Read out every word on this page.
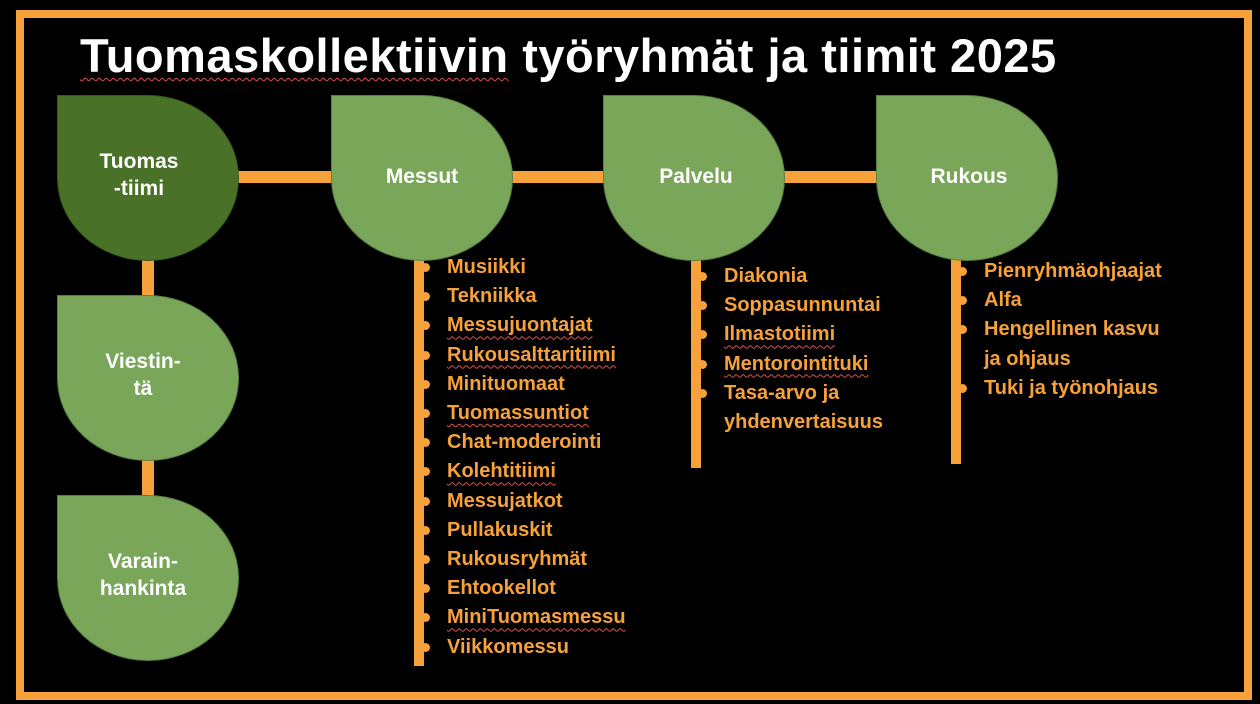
Tuomaskollektiivin työryhmät ja tiimit 2025
Tuomas
-tiimi
Messut	Palvelu	Rukous
Viestin-
tä
Varain-
hankinta
Musiikki
Tekniikka
Messujuontajat
Rukousalttaritiimi
Minituomaat
Tuomassuntiot
Chat-moderointi
Kolehtitiimi
Messujatkot
Pullakuskit
Rukousryhmät
Ehtookellot
MiniTuomasmessu
Viikkomessu
Diakonia
Soppasunnuntai
Ilmastotiimi
Mentorointituki
Tasa-arvo ja
yhdenvertaisuus
Pienryhmäohjaajat
Alfa
Hengellinen kasvu
ja ohjaus
Tuki ja työnohjaus
